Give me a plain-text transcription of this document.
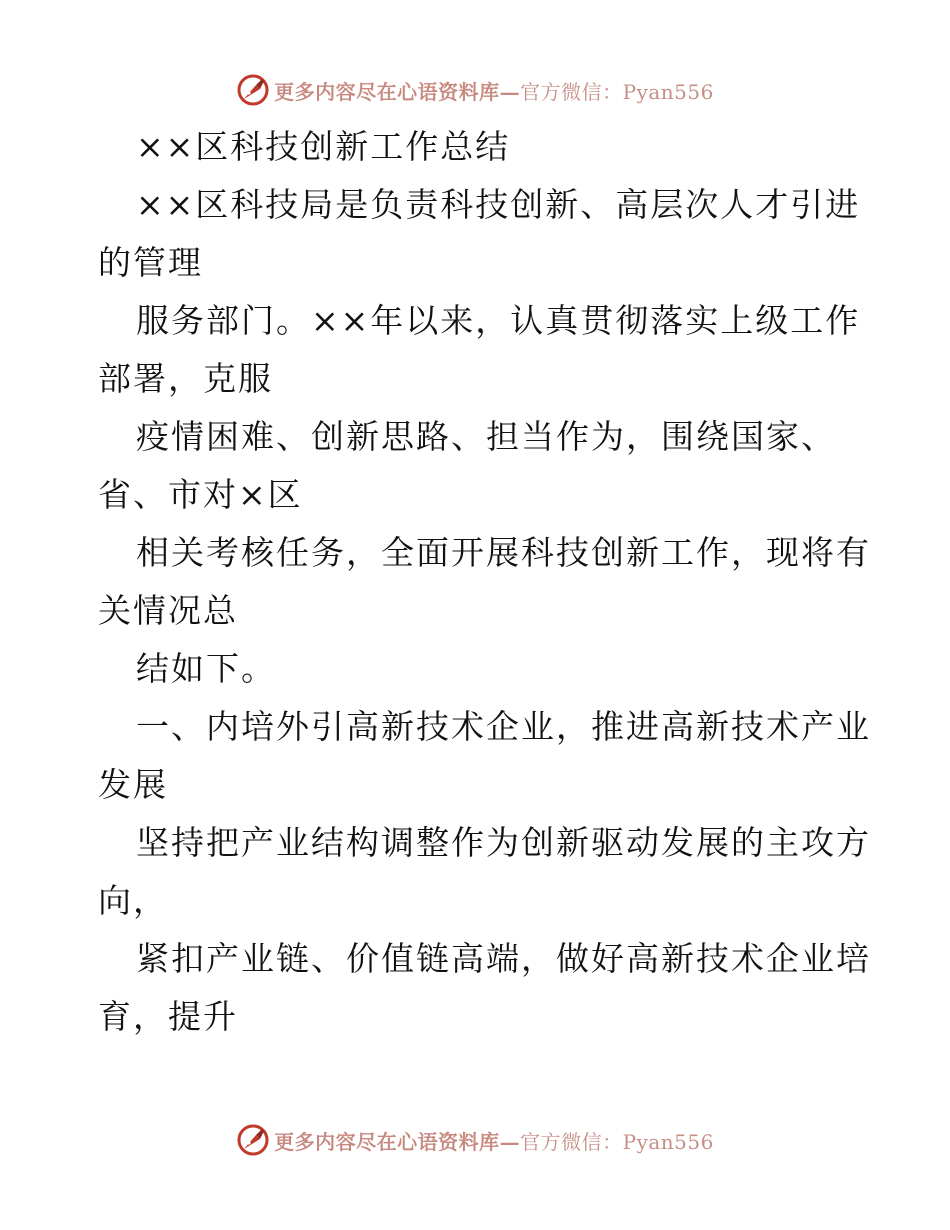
更多内容尽在心语资料库—官方微信：Pyan556
××区科技创新工作总结
××区科技局是负责科技创新、高层次人才引进
的管理
服务部门。××年以来，认真贯彻落实上级工作
部署，克服
疫情困难、创新思路、担当作为，围绕国家、
省、市对×区
相关考核任务，全面开展科技创新工作，现将有
关情况总
结如下。
一、内培外引高新技术企业，推进高新技术产业
发展
坚持把产业结构调整作为创新驱动发展的主攻方
向，
紧扣产业链、价值链高端，做好高新技术企业培
育，提升
更多内容尽在心语资料库—官方微信：Pyan556
